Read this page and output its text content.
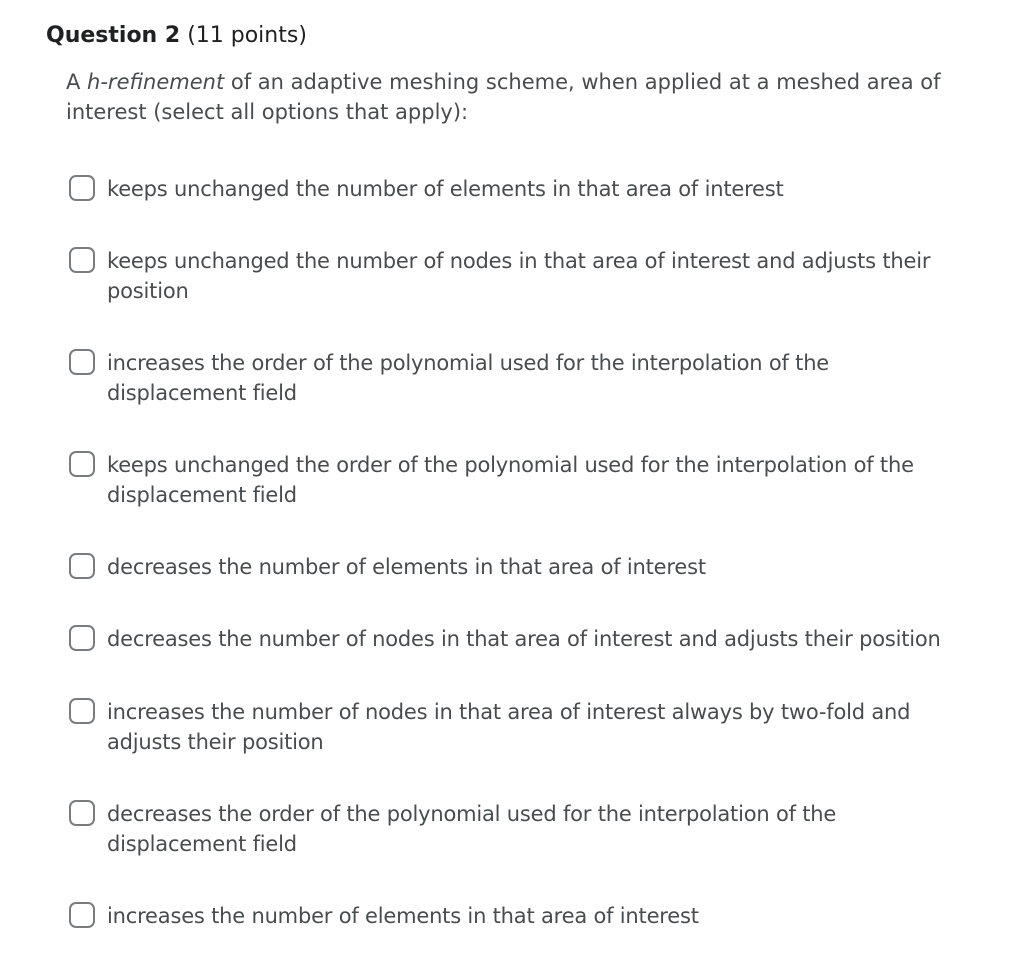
Question 2 (11 points)
A h-refinement of an adaptive meshing scheme, when applied at a meshed area of interest (select all options that apply):
keeps unchanged the number of elements in that area of interest
keeps unchanged the number of nodes in that area of interest and adjusts their position
increases the order of the polynomial used for the interpolation of the displacement field
keeps unchanged the order of the polynomial used for the interpolation of the displacement field
decreases the number of elements in that area of interest
decreases the number of nodes in that area of interest and adjusts their position
increases the number of nodes in that area of interest always by two-fold and adjusts their position
decreases the order of the polynomial used for the interpolation of the displacement field
increases the number of elements in that area of interest
